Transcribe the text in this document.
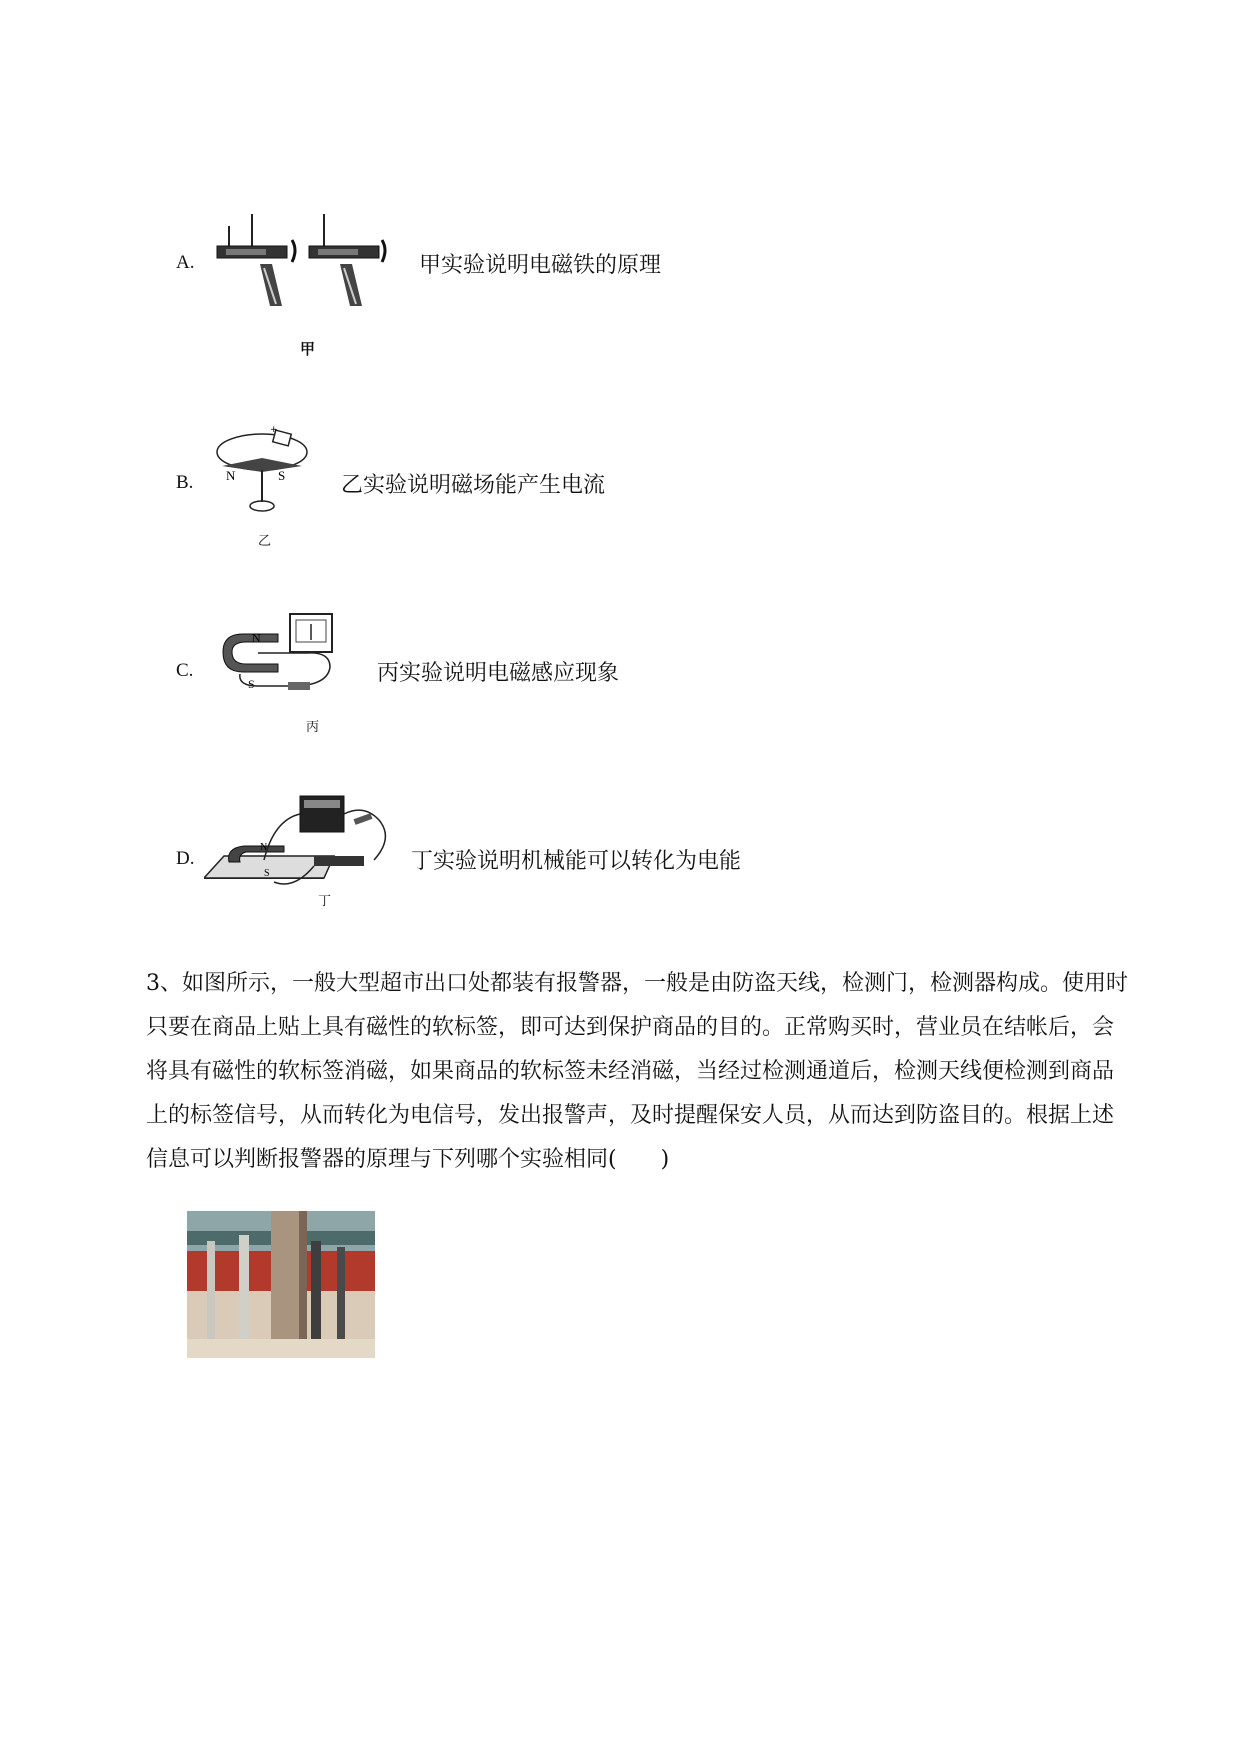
A.
甲
甲实验说明电磁铁的原理
B.
+
N	S
乙
乙实验说明磁场能产生电流
C.
N
S
丙
丙实验说明电磁感应现象
D.
N
S
丁
丁实验说明机械能可以转化为电能
3、如图所示，一般大型超市出口处都装有报警器，一般是由防盗天线，检测门，检测器构成。使用时
只要在商品上贴上具有磁性的软标签，即可达到保护商品的目的。正常购买时，营业员在结帐后，会
将具有磁性的软标签消磁，如果商品的软标签未经消磁，当经过检测通道后，检测天线便检测到商品
上的标签信号，从而转化为电信号，发出报警声，及时提醒保安人员，从而达到防盗目的。根据上述
信息可以判断报警器的原理与下列哪个实验相同(　　)
